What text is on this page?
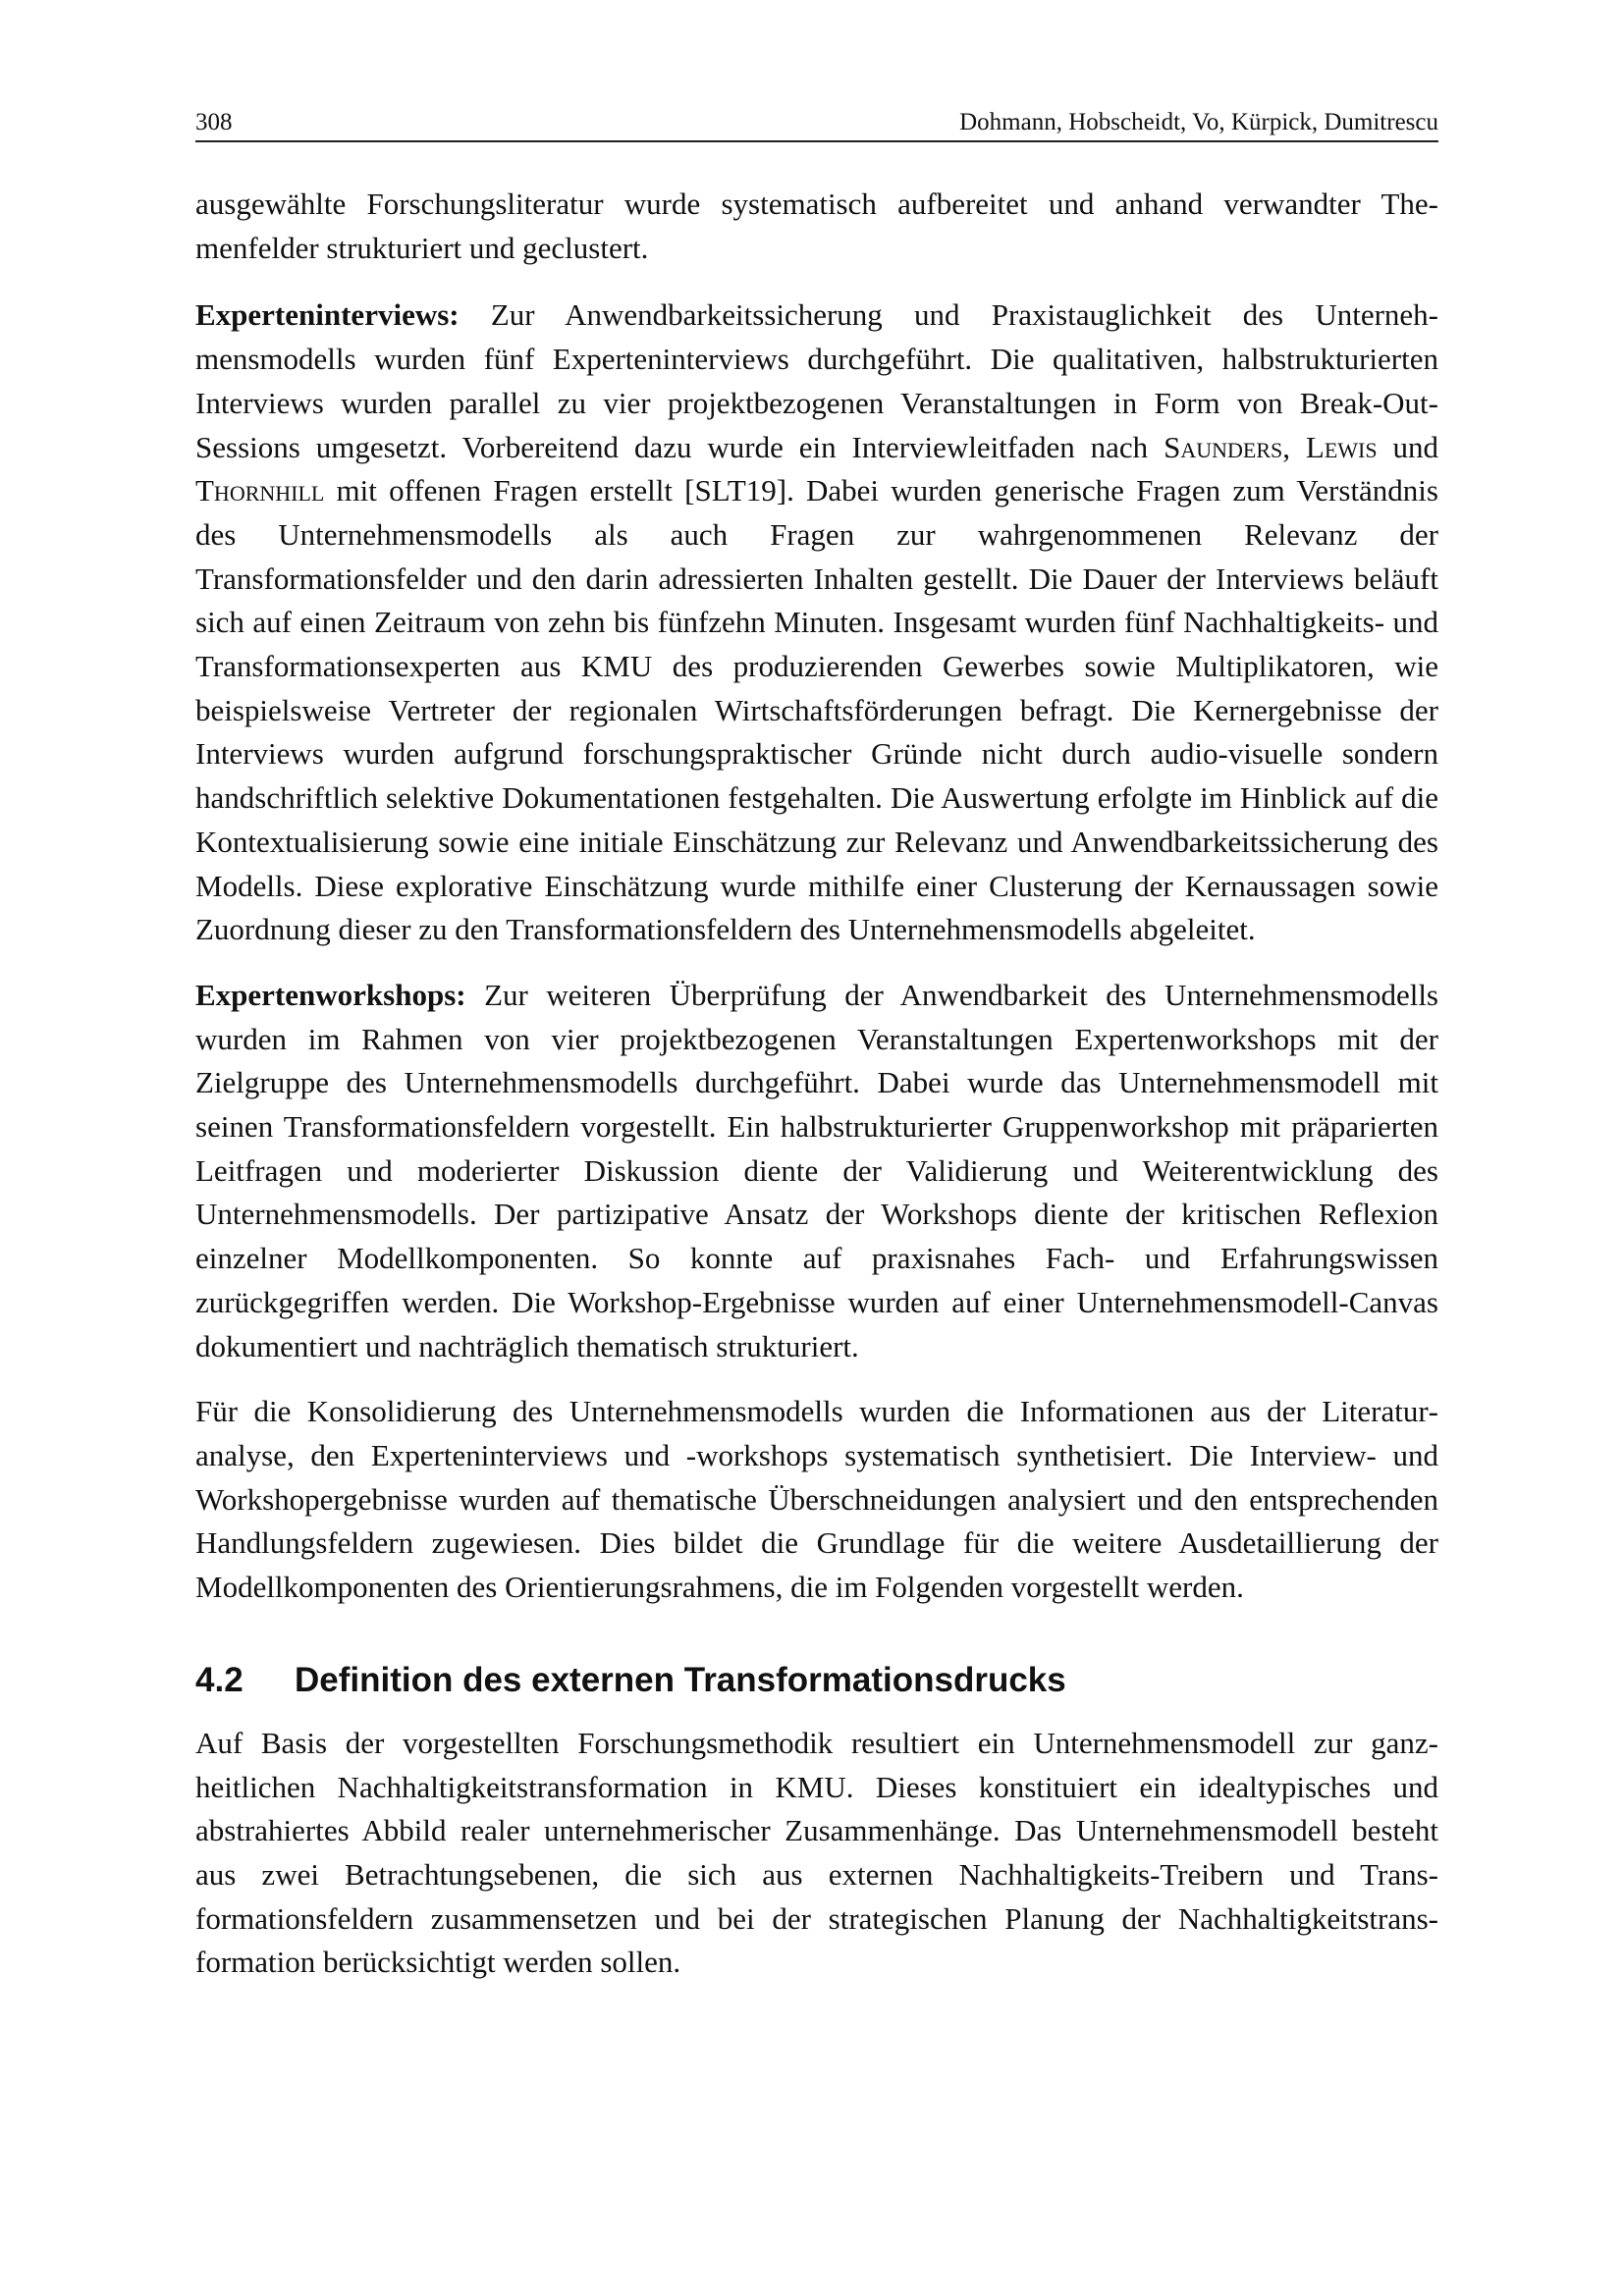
308	Dohmann, Hobscheidt, Vo, Kürpick, Dumitrescu

ausgewählte Forschungsliteratur wurde systematisch aufbereitet und anhand verwandter Themenfelder strukturiert und geclustert.

Experteninterviews: Zur Anwendbarkeitssicherung und Praxistauglichkeit des Unternehmensmodells wurden fünf Experteninterviews durchgeführt. Die qualitativen, halbstrukturierten Interviews wurden parallel zu vier projektbezogenen Veranstaltungen in Form von Break-Out-Sessions umgesetzt. Vorbereitend dazu wurde ein Interviewleitfaden nach Saunders, Lewis und Thornhill mit offenen Fragen erstellt [SLT19]. Dabei wurden generische Fragen zum Verständnis des Unternehmensmodells als auch Fragen zur wahrgenommenen Relevanz der Transformationsfelder und den darin adressierten Inhalten gestellt. Die Dauer der Interviews beläuft sich auf einen Zeitraum von zehn bis fünfzehn Minuten. Insgesamt wurden fünf Nachhaltigkeits- und Transformationsexperten aus KMU des produzierenden Gewerbes sowie Multiplikatoren, wie beispielsweise Vertreter der regionalen Wirtschaftsförderungen befragt. Die Kernergebnisse der Interviews wurden aufgrund forschungspraktischer Gründe nicht durch audio-visuelle sondern handschriftlich selektive Dokumentationen festgehalten. Die Auswertung erfolgte im Hinblick auf die Kontextualisierung sowie eine initiale Einschätzung zur Relevanz und Anwendbarkeitssicherung des Modells. Diese explorative Einschätzung wurde mithilfe einer Clusterung der Kernaussagen sowie Zuordnung dieser zu den Transformationsfeldern des Unternehmensmodells abgeleitet.

Expertenworkshops: Zur weiteren Überprüfung der Anwendbarkeit des Unternehmensmodells wurden im Rahmen von vier projektbezogenen Veranstaltungen Expertenworkshops mit der Zielgruppe des Unternehmensmodells durchgeführt. Dabei wurde das Unternehmensmodell mit seinen Transformationsfeldern vorgestellt. Ein halbstrukturierter Gruppenworkshop mit präparierten Leitfragen und moderierter Diskussion diente der Validierung und Weiterentwicklung des Unternehmensmodells. Der partizipative Ansatz der Workshops diente der kritischen Reflexion einzelner Modellkomponenten. So konnte auf praxisnahes Fach- und Erfahrungswissen zurückgegriffen werden. Die Workshop-Ergebnisse wurden auf einer Unternehmensmodell-Canvas dokumentiert und nachträglich thematisch strukturiert.

Für die Konsolidierung des Unternehmensmodells wurden die Informationen aus der Literaturanalyse, den Experteninterviews und -workshops systematisch synthetisiert. Die Interview- und Workshopergebnisse wurden auf thematische Überschneidungen analysiert und den entsprechenden Handlungsfeldern zugewiesen. Dies bildet die Grundlage für die weitere Ausdetaillierung der Modellkomponenten des Orientierungsrahmens, die im Folgenden vorgestellt werden.

4.2	Definition des externen Transformationsdrucks

Auf Basis der vorgestellten Forschungsmethodik resultiert ein Unternehmensmodell zur ganzheitlichen Nachhaltigkeitstransformation in KMU. Dieses konstituiert ein idealtypisches und abstrahiertes Abbild realer unternehmerischer Zusammenhänge. Das Unternehmensmodell besteht aus zwei Betrachtungsebenen, die sich aus externen Nachhaltigkeits-Treibern und Transformationsfeldern zusammensetzen und bei der strategischen Planung der Nachhaltigkeitstransformation berücksichtigt werden sollen.
